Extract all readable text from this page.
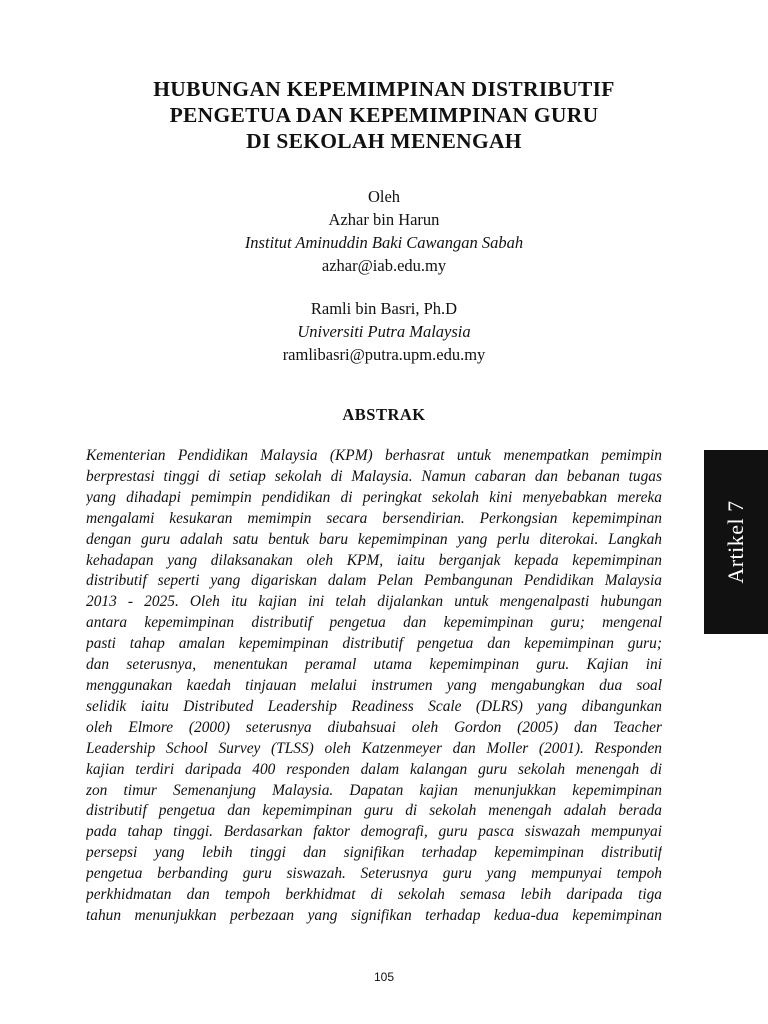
HUBUNGAN KEPEMIMPINAN DISTRIBUTIF
PENGETUA DAN KEPEMIMPINAN GURU
DI SEKOLAH MENENGAH
Oleh
Azhar bin Harun
Institut Aminuddin Baki Cawangan Sabah
azhar@iab.edu.my
Ramli bin Basri, Ph.D
Universiti Putra Malaysia
ramlibasri@putra.upm.edu.my
ABSTRAK
Kementerian Pendidikan Malaysia (KPM) berhasrat untuk menempatkan pemimpin
berprestasi tinggi di setiap sekolah di Malaysia. Namun cabaran dan bebanan tugas
yang dihadapi pemimpin pendidikan di peringkat sekolah kini menyebabkan mereka
mengalami kesukaran memimpin secara bersendirian. Perkongsian kepemimpinan
dengan guru adalah satu bentuk baru kepemimpinan yang perlu diterokai. Langkah
kehadapan yang dilaksanakan oleh KPM, iaitu berganjak kepada kepemimpinan
distributif seperti yang digariskan dalam Pelan Pembangunan Pendidikan Malaysia
2013 - 2025. Oleh itu kajian ini telah dijalankan untuk mengenalpasti hubungan
antara kepemimpinan distributif pengetua dan kepemimpinan guru; mengenal
pasti tahap amalan kepemimpinan distributif pengetua dan kepemimpinan guru;
dan seterusnya, menentukan peramal utama kepemimpinan guru. Kajian ini
menggunakan kaedah tinjauan melalui instrumen yang mengabungkan dua soal
selidik iaitu Distributed Leadership Readiness Scale (DLRS) yang dibangunkan
oleh Elmore (2000) seterusnya diubahsuai oleh Gordon (2005) dan Teacher
Leadership School Survey (TLSS) oleh Katzenmeyer dan Moller (2001). Responden
kajian terdiri daripada 400 responden dalam kalangan guru sekolah menengah di
zon timur Semenanjung Malaysia. Dapatan kajian menunjukkan kepemimpinan
distributif pengetua dan kepemimpinan guru di sekolah menengah adalah berada
pada tahap tinggi. Berdasarkan faktor demografi, guru pasca siswazah mempunyai
persepsi yang lebih tinggi dan signifikan terhadap kepemimpinan distributif
pengetua berbanding guru siswazah. Seterusnya guru yang mempunyai tempoh
perkhidmatan dan tempoh berkhidmat di sekolah semasa lebih daripada tiga
tahun menunjukkan perbezaan yang signifikan terhadap kedua-dua kepemimpinan
Artikel 7
105
